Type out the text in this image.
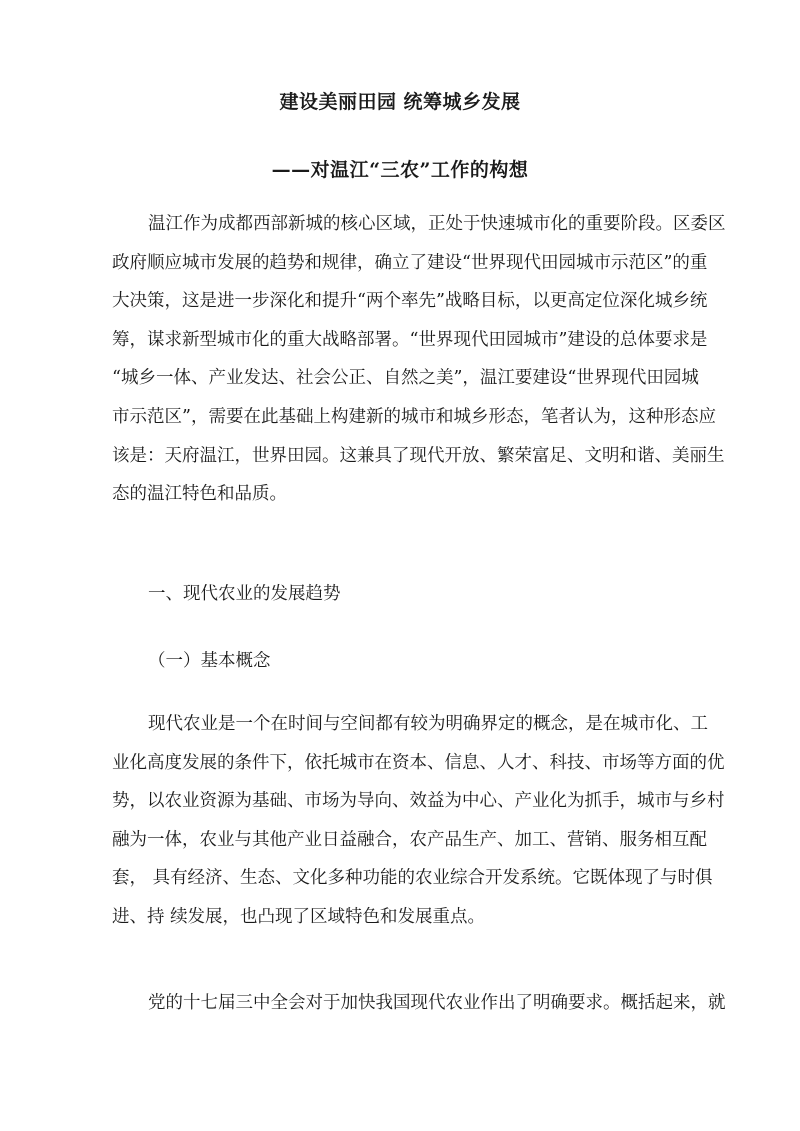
建设美丽田园 统筹城乡发展
——对温江“三农”工作的构想
温江作为成都西部新城的核心区域，正处于快速城市化的重要阶段。区委区
政府顺应城市发展的趋势和规律，确立了建设“世界现代田园城市示范区”的重
大决策，这是进一步深化和提升“两个率先”战略目标，以更高定位深化城乡统
筹，谋求新型城市化的重大战略部署。“世界现代田园城市”建设的总体要求是
“城乡一体、产业发达、社会公正、自然之美”，温江要建设“世界现代田园城
市示范区”，需要在此基础上构建新的城市和城乡形态，笔者认为，这种形态应
该是：天府温江，世界田园。这兼具了现代开放、繁荣富足、文明和谐、美丽生
态的温江特色和品质。
一、现代农业的发展趋势
（一）基本概念
现代农业是一个在时间与空间都有较为明确界定的概念，是在城市化、工
业化高度发展的条件下，依托城市在资本、信息、人才、科技、市场等方面的优
势，以农业资源为基础、市场为导向、效益为中心、产业化为抓手，城市与乡村
融为一体，农业与其他产业日益融合，农产品生产、加工、营销、服务相互配
套， 具有经济、生态、文化多种功能的农业综合开发系统。它既体现了与时俱
进、持 续发展，也凸现了区域特色和发展重点。
党的十七届三中全会对于加快我国现代农业作出了明确要求。概括起来，就
